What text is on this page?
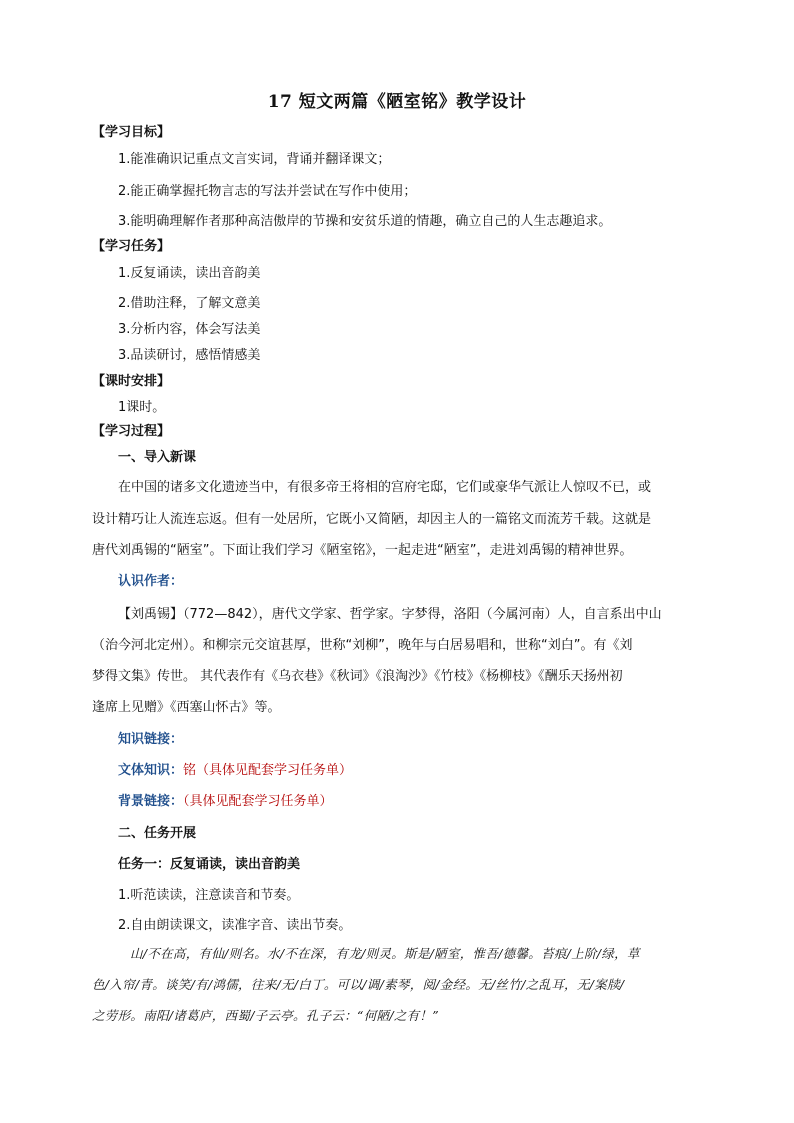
17 短文两篇《陋室铭》教学设计
【学习目标】
1.能准确识记重点文言实词，背诵并翻译课文；
2.能正确掌握托物言志的写法并尝试在写作中使用；
3.能明确理解作者那种高洁傲岸的节操和安贫乐道的情趣，确立自己的人生志趣追求。
【学习任务】
1.反复诵读，读出音韵美
2.借助注释，了解文意美
3.分析内容，体会写法美
3.品读研讨，感悟情感美
【课时安排】
1课时。
【学习过程】
一、导入新课
在中国的诸多文化遗迹当中，有很多帝王将相的宫府宅邸，它们或豪华气派让人惊叹不已，或
设计精巧让人流连忘返。但有一处居所，它既小又简陋，却因主人的一篇铭文而流芳千载。这就是
唐代刘禹锡的“陋室”。下面让我们学习《陋室铭》，一起走进“陋室”，走进刘禹锡的精神世界。
认识作者：
【刘禹锡】（772—842），唐代文学家、哲学家。字梦得，洛阳（今属河南）人，自言系出中山
（治今河北定州）。和柳宗元交谊甚厚，世称“刘柳”，晚年与白居易唱和，世称“刘白”。有《刘
梦得文集》传世。 其代表作有《乌衣巷》《秋词》《浪淘沙》《竹枝》《杨柳枝》《酬乐天扬州初
逢席上见赠》《西塞山怀古》等。
知识链接：
文体知识：铭（具体见配套学习任务单）
背景链接：（具体见配套学习任务单）
二、任务开展
任务一：反复诵读，读出音韵美
1.听范读读，注意读音和节奏。
2.自由朗读课文，读准字音、读出节奏。
山/不在高，有仙/则名。水/不在深，有龙/则灵。斯是/陋室，惟吾/德馨。苔痕/上阶/绿，草
色/入帘/青。谈笑/有/鸿儒，往来/无/白丁。可以/调/素琴，阅/金经。无/丝竹/之乱耳，无/案牍/
之劳形。南阳/诸葛庐，西蜀/子云亭。孔子云：“何陋/之有！”
